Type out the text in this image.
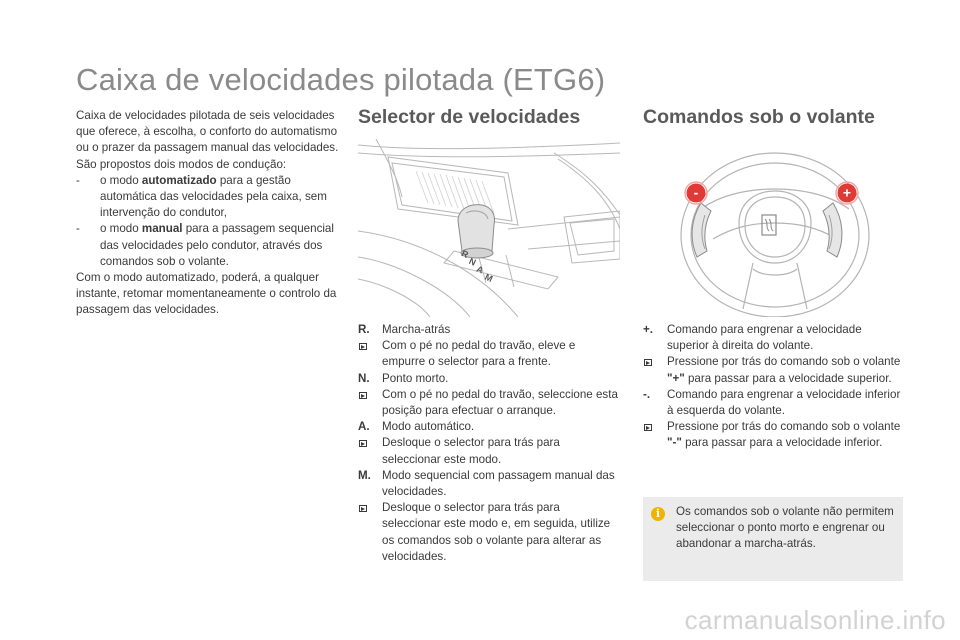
Caixa de velocidades pilotada (ETG6)
Caixa de velocidades pilotada de seis velocidades que oferece, à escolha, o conforto do automatismo ou o prazer da passagem manual das velocidades.
São propostos dois modos de condução:
- o modo automatizado para a gestão automática das velocidades pela caixa, sem intervenção do condutor,
- o modo manual para a passagem sequencial das velocidades pelo condutor, através dos comandos sob o volante.
Com o modo automatizado, poderá, a qualquer instante, retomar momentaneamente o controlo da passagem das velocidades.
Selector de velocidades
R
N
A
M
R. Marcha-atrás
Com o pé no pedal do travão, eleve e empurre o selector para a frente.
N. Ponto morto.
Com o pé no pedal do travão, seleccione esta posição para efectuar o arranque.
A. Modo automático.
Desloque o selector para trás para seleccionar este modo.
M. Modo sequencial com passagem manual das velocidades.
Desloque o selector para trás para seleccionar este modo e, em seguida, utilize os comandos sob o volante para alterar as velocidades.
Comandos sob o volante
-	+
+. Comando para engrenar a velocidade superior à direita do volante.
Pressione por trás do comando sob o volante "+" para passar para a velocidade superior.
-. Comando para engrenar a velocidade inferior à esquerda do volante.
Pressione por trás do comando sob o volante "-" para passar para a velocidade inferior.
i	Os comandos sob o volante não permitem seleccionar o ponto morto e engrenar ou abandonar a marcha-atrás.
carmanualsonline.info
